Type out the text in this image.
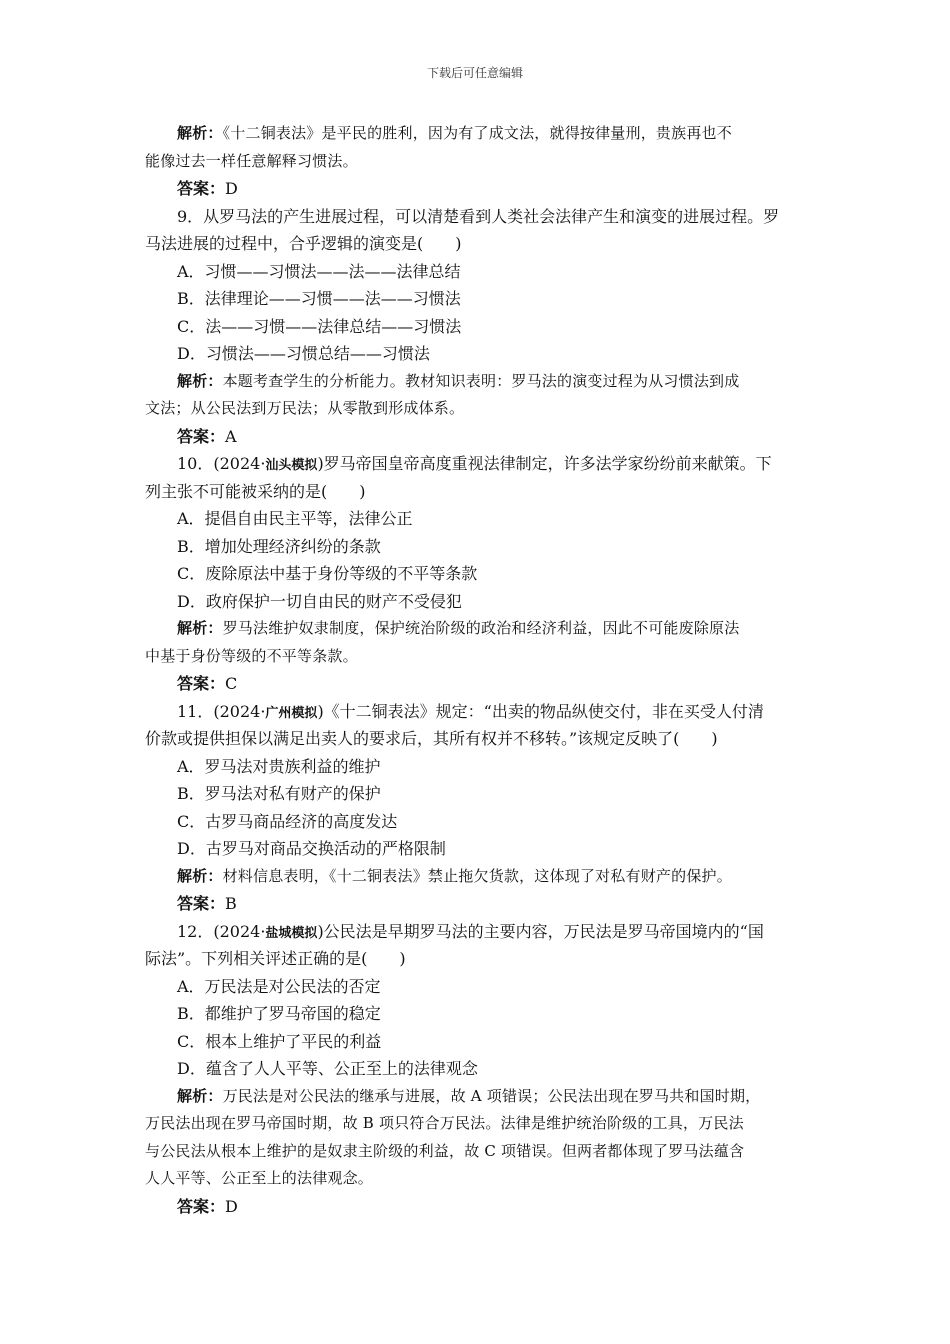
下载后可任意编辑
解析：《十二铜表法》是平民的胜利，因为有了成文法，就得按律量刑，贵族再也不
能像过去一样任意解释习惯法。
答案：D
9．从罗马法的产生进展过程，可以清楚看到人类社会法律产生和演变的进展过程。罗
马法进展的过程中，合乎逻辑的演变是(　　)
A．习惯——习惯法——法——法律总结
B．法律理论——习惯——法——习惯法
C．法——习惯——法律总结——习惯法
D．习惯法——习惯总结——习惯法
解析：本题考查学生的分析能力。教材知识表明：罗马法的演变过程为从习惯法到成
文法；从公民法到万民法；从零散到形成体系。
答案：A
10．(2024·汕头模拟)罗马帝国皇帝高度重视法律制定，许多法学家纷纷前来献策。下
列主张不可能被采纳的是(　　)
A．提倡自由民主平等，法律公正
B．增加处理经济纠纷的条款
C．废除原法中基于身份等级的不平等条款
D．政府保护一切自由民的财产不受侵犯
解析：罗马法维护奴隶制度，保护统治阶级的政治和经济利益，因此不可能废除原法
中基于身份等级的不平等条款。
答案：C
11．(2024·广州模拟)《十二铜表法》规定：“出卖的物品纵使交付，非在买受人付清
价款或提供担保以满足出卖人的要求后，其所有权并不移转。”该规定反映了(　　)
A．罗马法对贵族利益的维护
B．罗马法对私有财产的保护
C．古罗马商品经济的高度发达
D．古罗马对商品交换活动的严格限制
解析：材料信息表明，《十二铜表法》禁止拖欠货款，这体现了对私有财产的保护。
答案：B
12．(2024·盐城模拟)公民法是早期罗马法的主要内容，万民法是罗马帝国境内的“国
际法”。下列相关评述正确的是(　　)
A．万民法是对公民法的否定
B．都维护了罗马帝国的稳定
C．根本上维护了平民的利益
D．蕴含了人人平等、公正至上的法律观念
解析：万民法是对公民法的继承与进展，故 A 项错误；公民法出现在罗马共和国时期，
万民法出现在罗马帝国时期，故 B 项只符合万民法。法律是维护统治阶级的工具，万民法
与公民法从根本上维护的是奴隶主阶级的利益，故 C 项错误。但两者都体现了罗马法蕴含
人人平等、公正至上的法律观念。
答案：D
